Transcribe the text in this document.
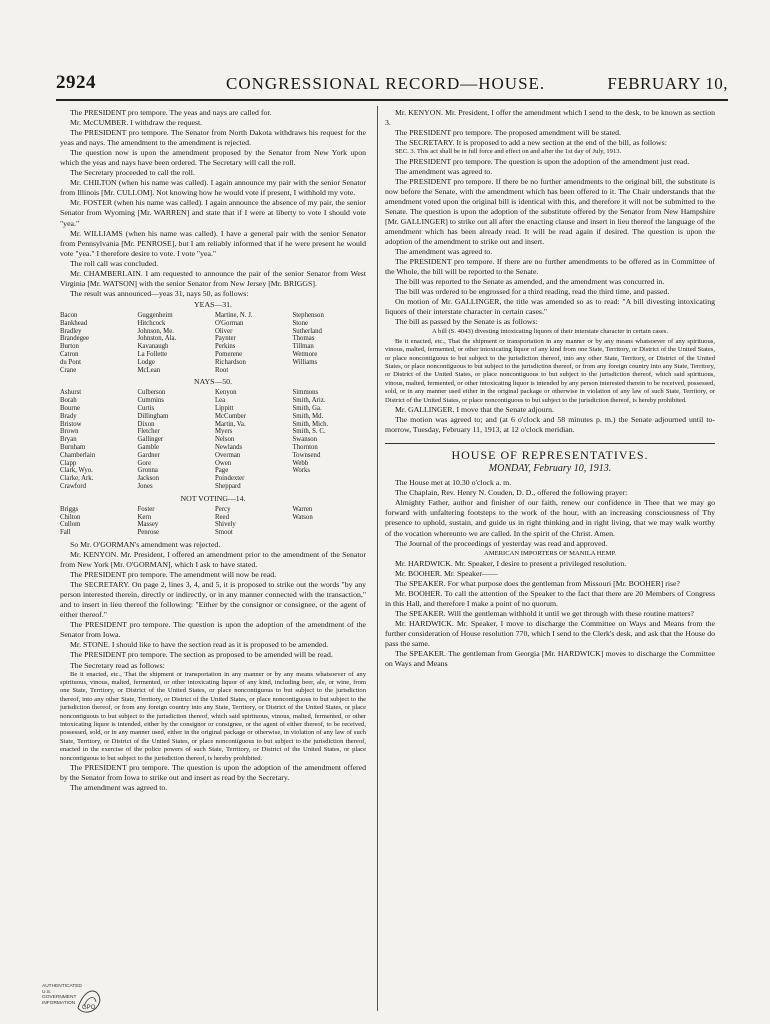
2924	CONGRESSIONAL RECORD—HOUSE.	FEBRUARY 10,

The PRESIDENT pro tempore. The yeas and nays are called for.

Mr. McCUMBER. I withdraw the request.

The PRESIDENT pro tempore. The Senator from North Dakota withdraws his request for the yeas and nays. The amendment to the amendment is rejected.

The question now is upon the amendment proposed by the Senator from New York upon which the yeas and nays have been ordered. The Secretary will call the roll.

The Secretary proceeded to call the roll.

Mr. CHILTON (when his name was called). I again announce my pair with the senior Senator from Illinois [Mr. CULLOM]. Not knowing how he would vote if present, I withhold my vote.

Mr. FOSTER (when his name was called). I again announce the absence of my pair, the senior Senator from Wyoming [Mr. WARREN] and state that if I were at liberty to vote I should vote "yea."

Mr. WILLIAMS (when his name was called). I have a general pair with the senior Senator from Pennsylvania [Mr. PENROSE], but I am reliably informed that if he were present he would vote "yea." I therefore desire to vote. I vote "yea."

The roll call was concluded.

Mr. CHAMBERLAIN. I am requested to announce the pair of the senior Senator from West Virginia [Mr. WATSON] with the senior Senator from New Jersey [Mr. BRIGGS].

The result was announced—yeas 31, nays 50, as follows:

YEAS—31.

Bacon	Guggenheim	Martine, N. J.	Stephenson
Bankhead	Hitchcock	O'Gorman	Stone
Bradley	Johnson, Me.	Oliver	Sutherland
Brandegee	Johnston, Ala.	Paynter	Thomas
Burton	Kavanaugh	Perkins	Tillman
Catron	La Follette	Pomerene	Wetmore
du Pont	Lodge	Richardson	Williams
Crane	McLean	Root

NAYS—50.

Ashurst	Culberson	Kenyon	Simmons
Borah	Cummins	Lea	Smith, Ariz.
Bourne	Curtis	Lippitt	Smith, Ga.
Brady	Dillingham	McCumber	Smith, Md.
Bristow	Dixon	Martin, Va.	Smith, Mich.
Brown	Fletcher	Myers	Smith, S. C.
Bryan	Gallinger	Nelson	Swanson
Burnham	Gamble	Newlands	Thornton
Chamberlain	Gardner	Overman	Townsend
Clapp	Gore	Owen	Webb
Clark, Wyo.	Gronna	Page	Works
Clarke, Ark.	Jackson	Poindexter
Crawford	Jones	Sheppard

NOT VOTING—14.

Briggs	Foster	Percy	Warren
Chilton	Kern	Reed	Watson
Cullom	Massey	Shively
Fall	Penrose	Smoot

So Mr. O'GORMAN's amendment was rejected.

Mr. KENYON. Mr. President, I offered an amendment prior to the amendment of the Senator from New York [Mr. O'GORMAN], which I ask to have stated.

The PRESIDENT pro tempore. The amendment will now be read.

The SECRETARY. On page 2, lines 3, 4, and 5, it is proposed to strike out the words "by any person interested therein, directly or indirectly, or in any manner connected with the transaction," and to insert in lieu thereof the following: "Either by the consignor or consignee, or the agent of either thereof."

The PRESIDENT pro tempore. The question is upon the adoption of the amendment of the Senator from Iowa.

Mr. STONE. I should like to have the section read as it is proposed to be amended.

The PRESIDENT pro tempore. The section as proposed to be amended will be read.

The Secretary read as follows:

Be it enacted, etc., That the shipment or transportation in any manner or by any means whatsoever of any spirituous, vinous, malted, fermented, or other intoxicating liquor of any kind, including beer, ale, or wine, from one State, Territory, or District of the United States, or place noncontiguous to but subject to the jurisdiction thereof, into any other State, Territory, or District of the United States, or place noncontiguous to but subject to the jurisdiction thereof, or from any foreign country into any State, Territory, or District of the United States, or place noncontiguous to but subject to the jurisdiction thereof, which said spirituous, vinous, malted, fermented, or other intoxicating liquor is intended, either by the consignor or consignee, or the agent of either thereof, to be received, possessed, sold, or in any manner used, either in the original package or otherwise, in violation of any law of such State, Territory, or District of the United States, or place noncontiguous to but subject to the jurisdiction thereof, enacted in the exercise of the police powers of such State, Territory, or District of the United States, or place noncontiguous to but subject to the jurisdiction thereof, is hereby prohibited.

The PRESIDENT pro tempore. The question is upon the adoption of the amendment offered by the Senator from Iowa to strike out and insert as read by the Secretary.

The amendment was agreed to.

Mr. KENYON. Mr. President, I offer the amendment which I send to the desk, to be known as section 3.

The PRESIDENT pro tempore. The proposed amendment will be stated.

The SECRETARY. It is proposed to add a new section at the end of the bill, as follows:

SEC. 3. This act shall be in full force and effect on and after the 1st day of July, 1913.

The PRESIDENT pro tempore. The question is upon the adoption of the amendment just read.

The amendment was agreed to.

The PRESIDENT pro tempore. If there be no further amendments to the original bill, the substitute is now before the Senate, with the amendment which has been offered to it. The Chair understands that the amendment voted upon the original bill is identical with this, and therefore it will not be submitted to the Senate. The question is upon the adoption of the substitute offered by the Senator from New Hampshire [Mr. GALLINGER] to strike out all after the enacting clause and insert in lieu thereof the language of the amendment which has been already read. It will be read again if desired. The question is upon the adoption of the amendment to strike out and insert.

The amendment was agreed to.

The PRESIDENT pro tempore. If there are no further amendments to be offered as in Committee of the Whole, the bill will be reported to the Senate.

The bill was reported to the Senate as amended, and the amendment was concurred in.

The bill was ordered to be engrossed for a third reading, read the third time, and passed.

On motion of Mr. GALLINGER, the title was amended so as to read: "A bill divesting intoxicating liquors of their interstate character in certain cases."

The bill as passed by the Senate is as follows:

A bill (S. 4043) divesting intoxicating liquors of their interstate character in certain cases.

Be it enacted, etc., That the shipment or transportation in any manner or by any means whatsoever of any spirituous, vinous, malted, fermented, or other intoxicating liquor of any kind from one State, Territory, or District of the United States, or place noncontiguous to but subject to the jurisdiction thereof, into any other State, Territory, or District of the United States, or place noncontiguous to but subject to the jurisdiction thereof, or from any foreign country into any State, Territory, or District of the United States, or place noncontiguous to but subject to the jurisdiction thereof, which said spirituous, vinous, malted, fermented, or other intoxicating liquor is intended by any person interested therein to be received, possessed, sold, or in any manner used either in the original package or otherwise in violation of any law of such State, Territory, or District of the United States, or place noncontiguous to but subject to the jurisdiction thereof, is hereby prohibited.

Mr. GALLINGER. I move that the Senate adjourn.

The motion was agreed to; and (at 6 o'clock and 58 minutes p. m.) the Senate adjourned until to-morrow, Tuesday, February 11, 1913, at 12 o'clock meridian.

HOUSE OF REPRESENTATIVES.
MONDAY, February 10, 1913.

The House met at 10.30 o'clock a. m.

The Chaplain, Rev. Henry N. Couden, D. D., offered the following prayer:

Almighty Father, author and finisher of our faith, renew our confidence in Thee that we may go forward with unfaltering footsteps to the work of the hour, with an increasing consciousness of Thy presence to uphold, sustain, and guide us in right thinking and in right living, that we may walk worthy of the vocation whereunto we are called. In the spirit of the Christ. Amen.

The Journal of the proceedings of yesterday was read and approved.

AMERICAN IMPORTERS OF MANILA HEMP.

Mr. HARDWICK. Mr. Speaker, I desire to present a privileged resolution.

Mr. BOOHER. Mr. Speaker——

The SPEAKER. For what purpose does the gentleman from Missouri [Mr. BOOHER] rise?

Mr. BOOHER. To call the attention of the Speaker to the fact that there are 20 Members of Congress in this Hall, and therefore I make a point of no quorum.

The SPEAKER. Will the gentleman withhold it until we get through with these routine matters?

Mr. HARDWICK. Mr. Speaker, I move to discharge the Committee on Ways and Means from the further consideration of House resolution 770, which I send to the Clerk's desk, and ask that the House do pass the same.

The SPEAKER. The gentleman from Georgia [Mr. HARDWICK] moves to discharge the Committee on Ways and Means

AUTHENTICATED U.S. GOVERNMENT INFORMATION
GPO
